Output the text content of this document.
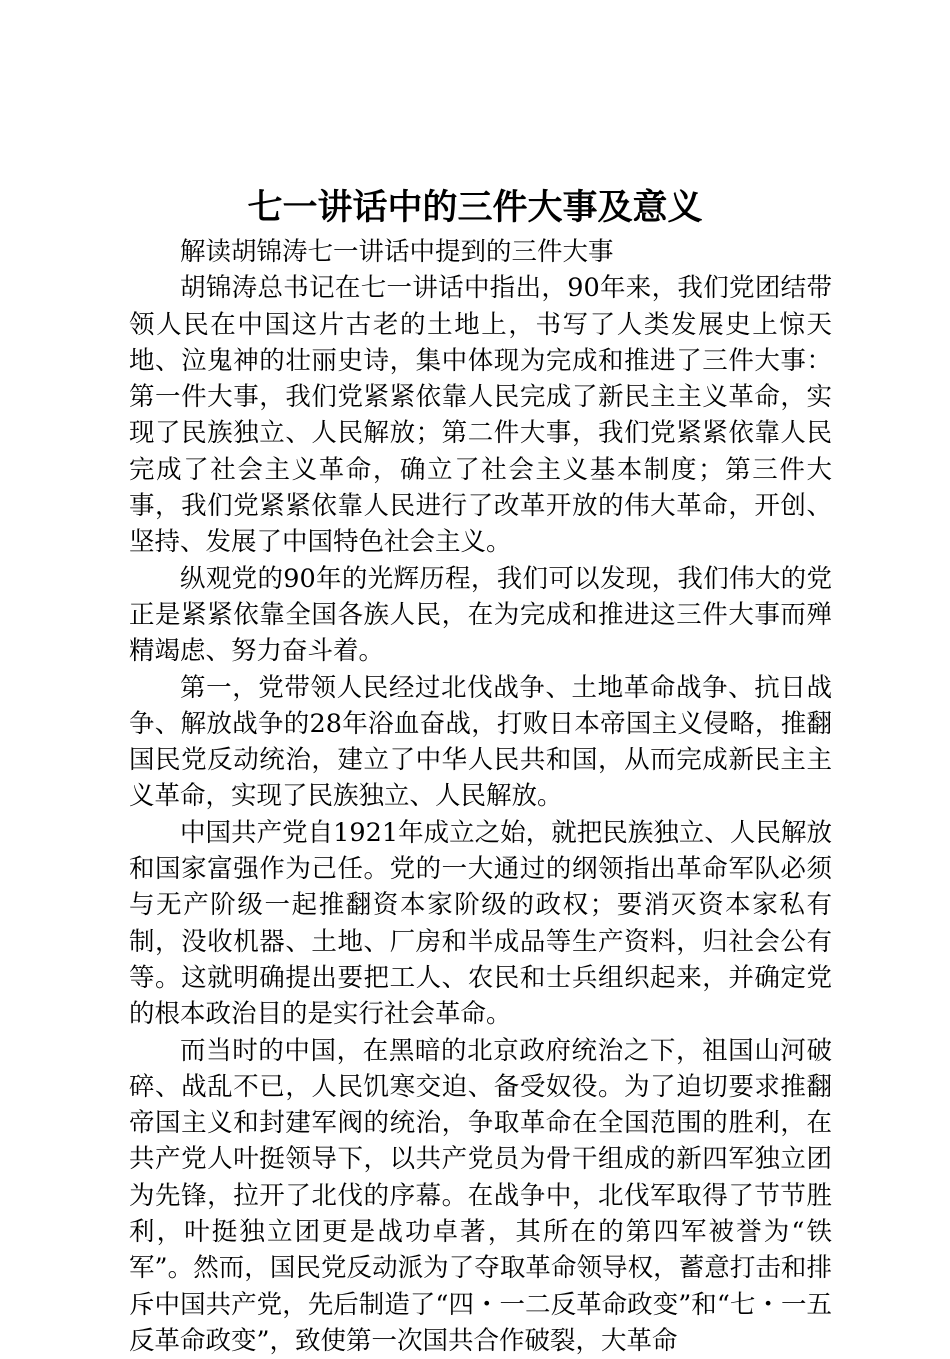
七一讲话中的三件大事及意义

解读胡锦涛七一讲话中提到的三件大事

胡锦涛总书记在七一讲话中指出，90年来，我们党团结带领人民在中国这片古老的土地上，书写了人类发展史上惊天地、泣鬼神的壮丽史诗，集中体现为完成和推进了三件大事：第一件大事，我们党紧紧依靠人民完成了新民主主义革命，实现了民族独立、人民解放；第二件大事，我们党紧紧依靠人民完成了社会主义革命，确立了社会主义基本制度；第三件大事，我们党紧紧依靠人民进行了改革开放的伟大革命，开创、坚持、发展了中国特色社会主义。

纵观党的90年的光辉历程，我们可以发现，我们伟大的党正是紧紧依靠全国各族人民，在为完成和推进这三件大事而殚精竭虑、努力奋斗着。

第一，党带领人民经过北伐战争、土地革命战争、抗日战争、解放战争的28年浴血奋战，打败日本帝国主义侵略，推翻国民党反动统治，建立了中华人民共和国，从而完成新民主主义革命，实现了民族独立、人民解放。

中国共产党自1921年成立之始，就把民族独立、人民解放和国家富强作为己任。党的一大通过的纲领指出革命军队必须与无产阶级一起推翻资本家阶级的政权；要消灭资本家私有制，没收机器、土地、厂房和半成品等生产资料，归社会公有等。这就明确提出要把工人、农民和士兵组织起来，并确定党的根本政治目的是实行社会革命。

而当时的中国，在黑暗的北京政府统治之下，祖国山河破碎、战乱不已，人民饥寒交迫、备受奴役。为了迫切要求推翻帝国主义和封建军阀的统治，争取革命在全国范围的胜利，在共产党人叶挺领导下，以共产党员为骨干组成的新四军独立团为先锋，拉开了北伐的序幕。在战争中，北伐军取得了节节胜利，叶挺独立团更是战功卓著，其所在的第四军被誉为“铁军”。然而，国民党反动派为了夺取革命领导权，蓄意打击和排斥中国共产党，先后制造了“四・一二反革命政变”和“七・一五反革命政变”，致使第一次国共合作破裂，大革命
